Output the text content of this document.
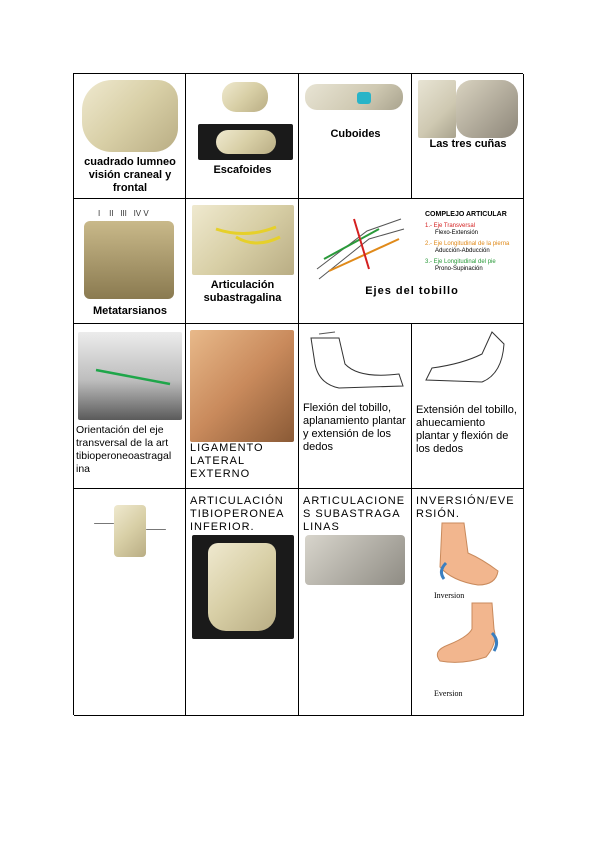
cuadrado lumneo visión craneal y frontal
Escafoides
Cuboides
Las tres cuñas
I    II   III   IV V
Metatarsianos
Articulación subastragalina
COMPLEJO ARTICULAR
1.- Eje Transversal
Flexo-Extensión
2.- Eje Longitudinal de la pierna
Aducción-Abducción
3.- Eje Longitudinal del pie
Prono-Supinación
Ejes del tobillo
Orientación del eje transversal de la art tibioperoneoastragal ina
LIGAMENTO LATERAL EXTERNO
Flexión del tobillo, aplanamiento plantar y extensión de los dedos
Extensión del tobillo, ahuecamiento plantar y flexión de los dedos
ARTICULACIÓN TIBIOPERONEA INFERIOR.
ARTICULACIONES SUBASTRAGALINAS
INVERSIÓN/EVERSIÓN.
Inversion
Eversion
